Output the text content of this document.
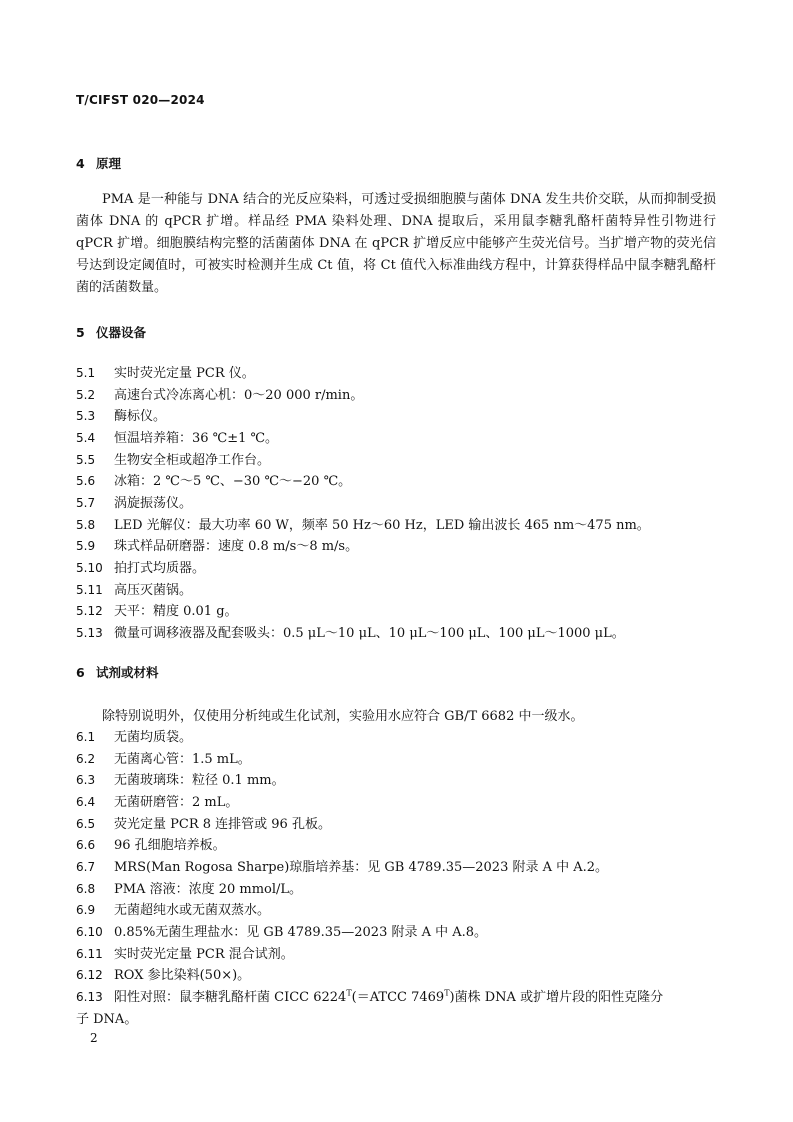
T/CIFST 020—2024
4 原理
PMA 是一种能与 DNA 结合的光反应染料，可透过受损细胞膜与菌体 DNA 发生共价交联，从而抑制受损菌体 DNA 的 qPCR 扩增。样品经 PMA 染料处理、DNA 提取后，采用鼠李糖乳酪杆菌特异性引物进行 qPCR 扩增。细胞膜结构完整的活菌菌体 DNA 在 qPCR 扩增反应中能够产生荧光信号。当扩增产物的荧光信号达到设定阈值时，可被实时检测并生成 Ct 值，将 Ct 值代入标准曲线方程中，计算获得样品中鼠李糖乳酪杆菌的活菌数量。
5 仪器设备
5.1 实时荧光定量 PCR 仪。
5.2 高速台式冷冻离心机：0～20 000 r/min。
5.3 酶标仪。
5.4 恒温培养箱：36 ℃±1 ℃。
5.5 生物安全柜或超净工作台。
5.6 冰箱：2 ℃～5 ℃、−30 ℃～−20 ℃。
5.7 涡旋振荡仪。
5.8 LED 光解仪：最大功率 60 W，频率 50 Hz～60 Hz，LED 输出波长 465 nm～475 nm。
5.9 珠式样品研磨器：速度 0.8 m/s～8 m/s。
5.10 拍打式均质器。
5.11 高压灭菌锅。
5.12 天平：精度 0.01 g。
5.13 微量可调移液器及配套吸头：0.5 μL～10 μL、10 μL～100 μL、100 μL～1000 μL。
6 试剂或材料
除特别说明外，仅使用分析纯或生化试剂，实验用水应符合 GB/T 6682 中一级水。
6.1 无菌均质袋。
6.2 无菌离心管：1.5 mL。
6.3 无菌玻璃珠：粒径 0.1 mm。
6.4 无菌研磨管：2 mL。
6.5 荧光定量 PCR 8 连排管或 96 孔板。
6.6 96 孔细胞培养板。
6.7 MRS(Man Rogosa Sharpe)琼脂培养基：见 GB 4789.35—2023 附录 A 中 A.2。
6.8 PMA 溶液：浓度 20 mmol/L。
6.9 无菌超纯水或无菌双蒸水。
6.10 0.85%无菌生理盐水：见 GB 4789.35—2023 附录 A 中 A.8。
6.11 实时荧光定量 PCR 混合试剂。
6.12 ROX 参比染料(50×)。
6.13 阳性对照：鼠李糖乳酪杆菌 CICC $6224^T(=ATCC$ $7469^T$)菌株 DNA 或扩增片段的阳性克隆分
子 DNA。
2
